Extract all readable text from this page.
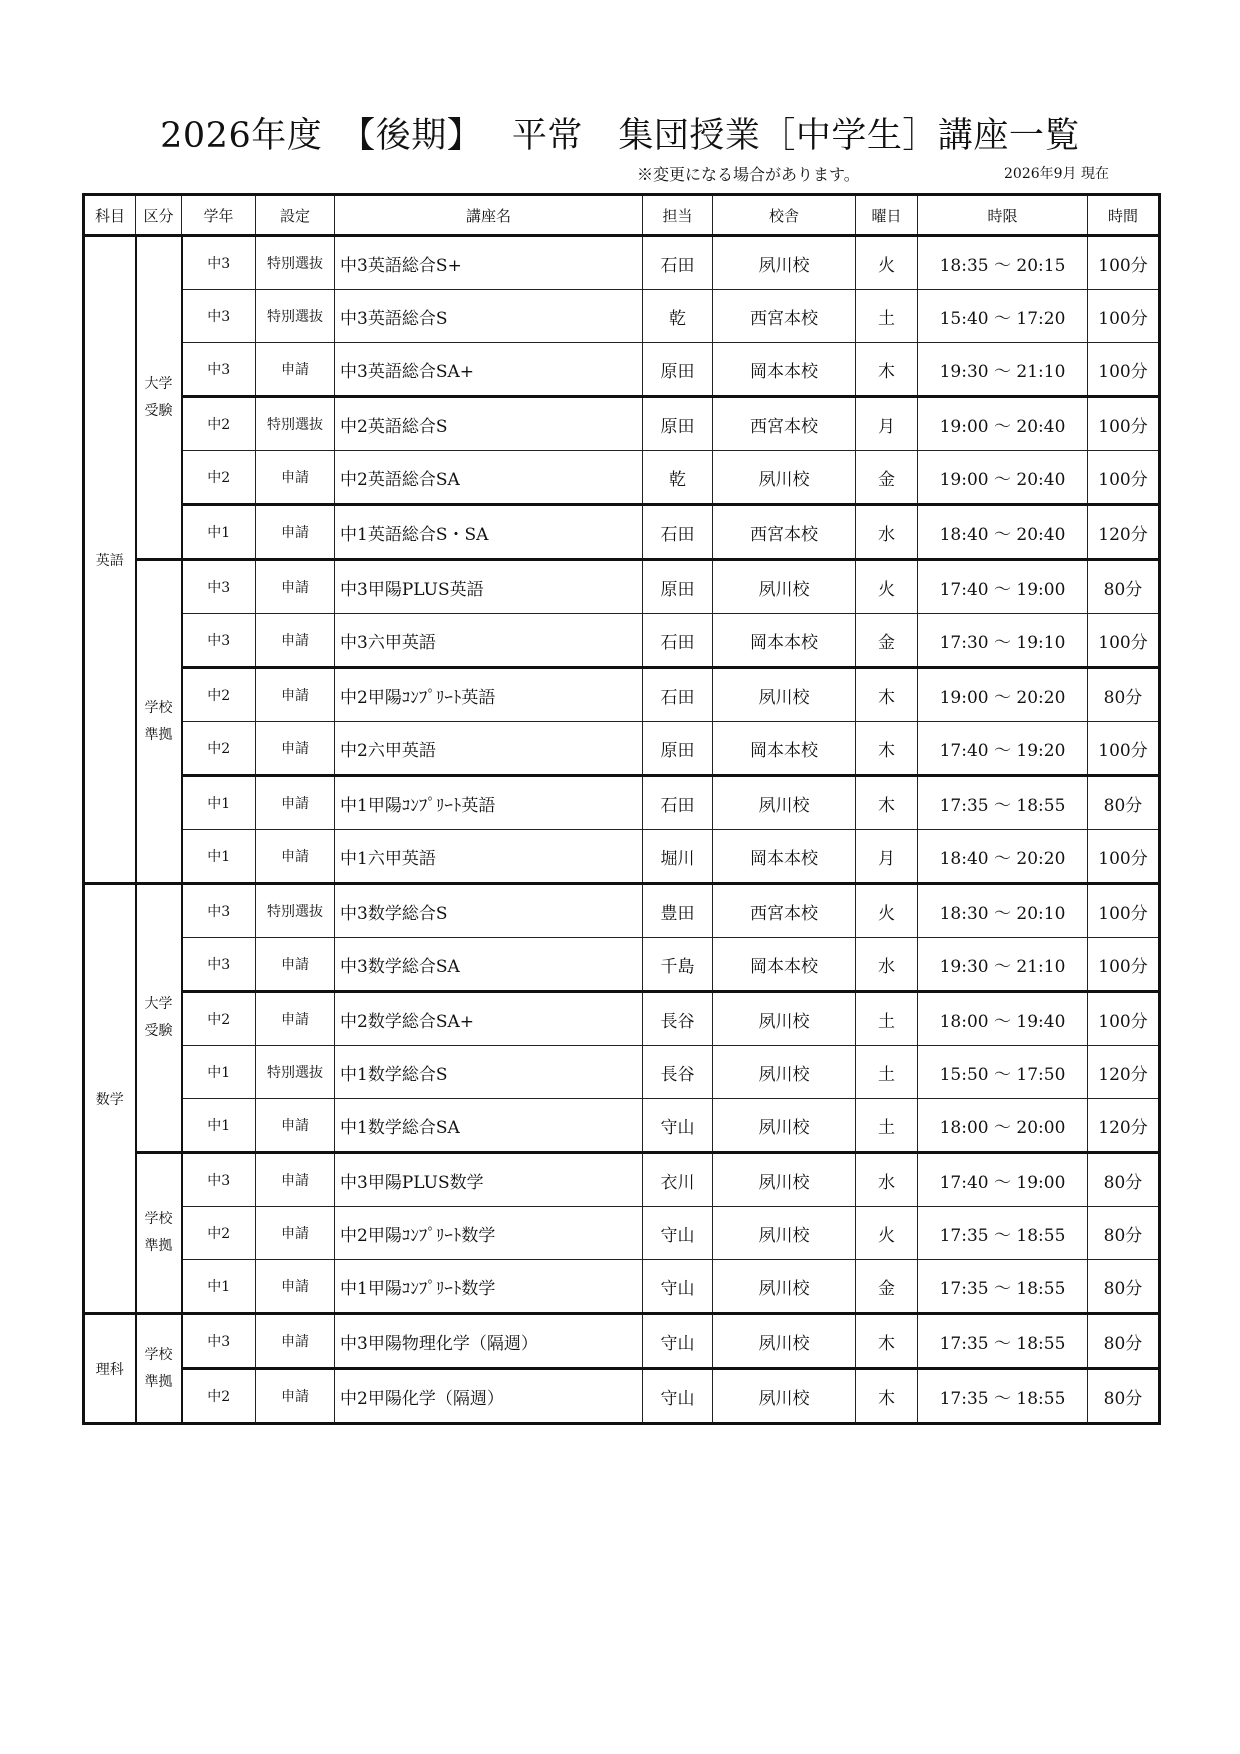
2026年度　【後期】　 平常　集団授業［中学生］講座一覧
※変更になる場合があります。	2026年9月 現在
科目	区分	学年	設定	講座名	担当	校舎	曜日	時限	時間
英語	大学受験	中3	特別選抜	中3英語総合S+	石田	夙川校	火	18:35 ～ 20:15	100分
		中3	特別選抜	中3英語総合S	乾	西宮本校	土	15:40 ～ 17:20	100分
		中3	申請	中3英語総合SA+	原田	岡本本校	木	19:30 ～ 21:10	100分
		中2	特別選抜	中2英語総合S	原田	西宮本校	月	19:00 ～ 20:40	100分
		中2	申請	中2英語総合SA	乾	夙川校	金	19:00 ～ 20:40	100分
		中1	申請	中1英語総合S・SA	石田	西宮本校	水	18:40 ～ 20:40	120分
	学校準拠	中3	申請	中3甲陽PLUS英語	原田	夙川校	火	17:40 ～ 19:00	80分
		中3	申請	中3六甲英語	石田	岡本本校	金	17:30 ～ 19:10	100分
		中2	申請	中2甲陽ｺﾝﾌﾟﾘｰﾄ英語	石田	夙川校	木	19:00 ～ 20:20	80分
		中2	申請	中2六甲英語	原田	岡本本校	木	17:40 ～ 19:20	100分
		中1	申請	中1甲陽ｺﾝﾌﾟﾘｰﾄ英語	石田	夙川校	木	17:35 ～ 18:55	80分
		中1	申請	中1六甲英語	堀川	岡本本校	月	18:40 ～ 20:20	100分
数学	大学受験	中3	特別選抜	中3数学総合S	豊田	西宮本校	火	18:30 ～ 20:10	100分
		中3	申請	中3数学総合SA	千島	岡本本校	水	19:30 ～ 21:10	100分
		中2	申請	中2数学総合SA+	長谷	夙川校	土	18:00 ～ 19:40	100分
		中1	特別選抜	中1数学総合S	長谷	夙川校	土	15:50 ～ 17:50	120分
		中1	申請	中1数学総合SA	守山	夙川校	土	18:00 ～ 20:00	120分
	学校準拠	中3	申請	中3甲陽PLUS数学	衣川	夙川校	水	17:40 ～ 19:00	80分
		中2	申請	中2甲陽ｺﾝﾌﾟﾘｰﾄ数学	守山	夙川校	火	17:35 ～ 18:55	80分
		中1	申請	中1甲陽ｺﾝﾌﾟﾘｰﾄ数学	守山	夙川校	金	17:35 ～ 18:55	80分
理科	学校準拠	中3	申請	中3甲陽物理化学（隔週）	守山	夙川校	木	17:35 ～ 18:55	80分
		中2	申請	中2甲陽化学（隔週）	守山	夙川校	木	17:35 ～ 18:55	80分
